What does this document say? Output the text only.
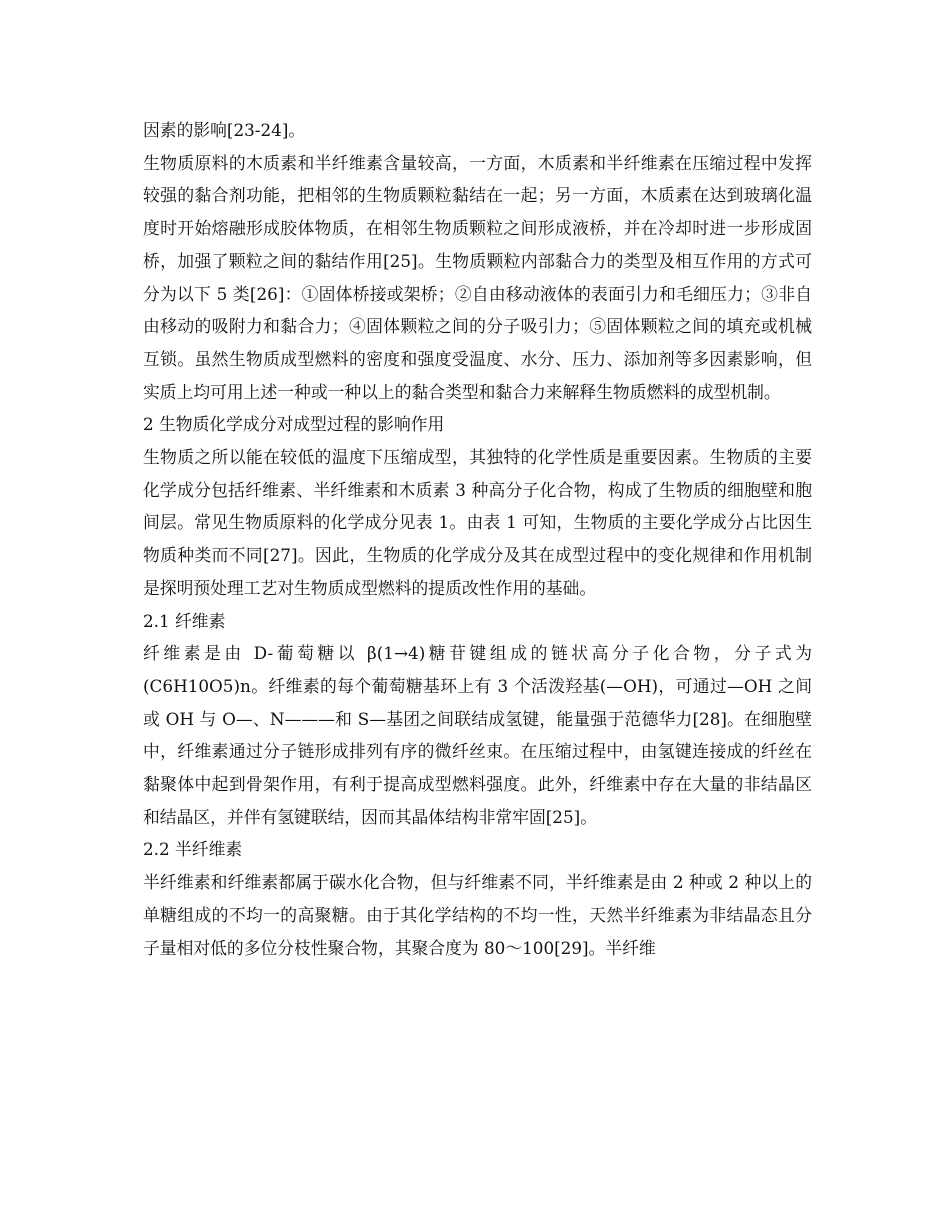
因素的影响[23-24]。

生物质原料的木质素和半纤维素含量较高，一方面，木质素和半纤维素在压缩过程中发挥较强的黏合剂功能，把相邻的生物质颗粒黏结在一起；另一方面，木质素在达到玻璃化温度时开始熔融形成胶体物质，在相邻生物质颗粒之间形成液桥，并在冷却时进一步形成固桥，加强了颗粒之间的黏结作用[25]。生物质颗粒内部黏合力的类型及相互作用的方式可分为以下 5 类[26]：①固体桥接或架桥；②自由移动液体的表面引力和毛细压力；③非自由移动的吸附力和黏合力；④固体颗粒之间的分子吸引力；⑤固体颗粒之间的填充或机械互锁。虽然生物质成型燃料的密度和强度受温度、水分、压力、添加剂等多因素影响，但实质上均可用上述一种或一种以上的黏合类型和黏合力来解释生物质燃料的成型机制。

2 生物质化学成分对成型过程的影响作用

生物质之所以能在较低的温度下压缩成型，其独特的化学性质是重要因素。生物质的主要化学成分包括纤维素、半纤维素和木质素 3 种高分子化合物，构成了生物质的细胞壁和胞间层。常见生物质原料的化学成分见表 1。由表 1 可知，生物质的主要化学成分占比因生物质种类而不同[27]。因此，生物质的化学成分及其在成型过程中的变化规律和作用机制是探明预处理工艺对生物质成型燃料的提质改性作用的基础。

2.1 纤维素

纤维素是由 D-葡萄糖以 β(1→4)糖苷键组成的链状高分子化合物，分子式为(C6H10O5)n。纤维素的每个葡萄糖基环上有 3 个活泼羟基(—OH)，可通过—OH 之间或 OH 与 O—、N———和 S—基团之间联结成氢键，能量强于范德华力[28]。在细胞壁中，纤维素通过分子链形成排列有序的微纤丝束。在压缩过程中，由氢键连接成的纤丝在黏聚体中起到骨架作用，有利于提高成型燃料强度。此外，纤维素中存在大量的非结晶区和结晶区，并伴有氢键联结，因而其晶体结构非常牢固[25]。

2.2 半纤维素

半纤维素和纤维素都属于碳水化合物，但与纤维素不同，半纤维素是由 2 种或 2 种以上的单糖组成的不均一的高聚糖。由于其化学结构的不均一性，天然半纤维素为非结晶态且分子量相对低的多位分枝性聚合物，其聚合度为 80～100[29]。半纤维
